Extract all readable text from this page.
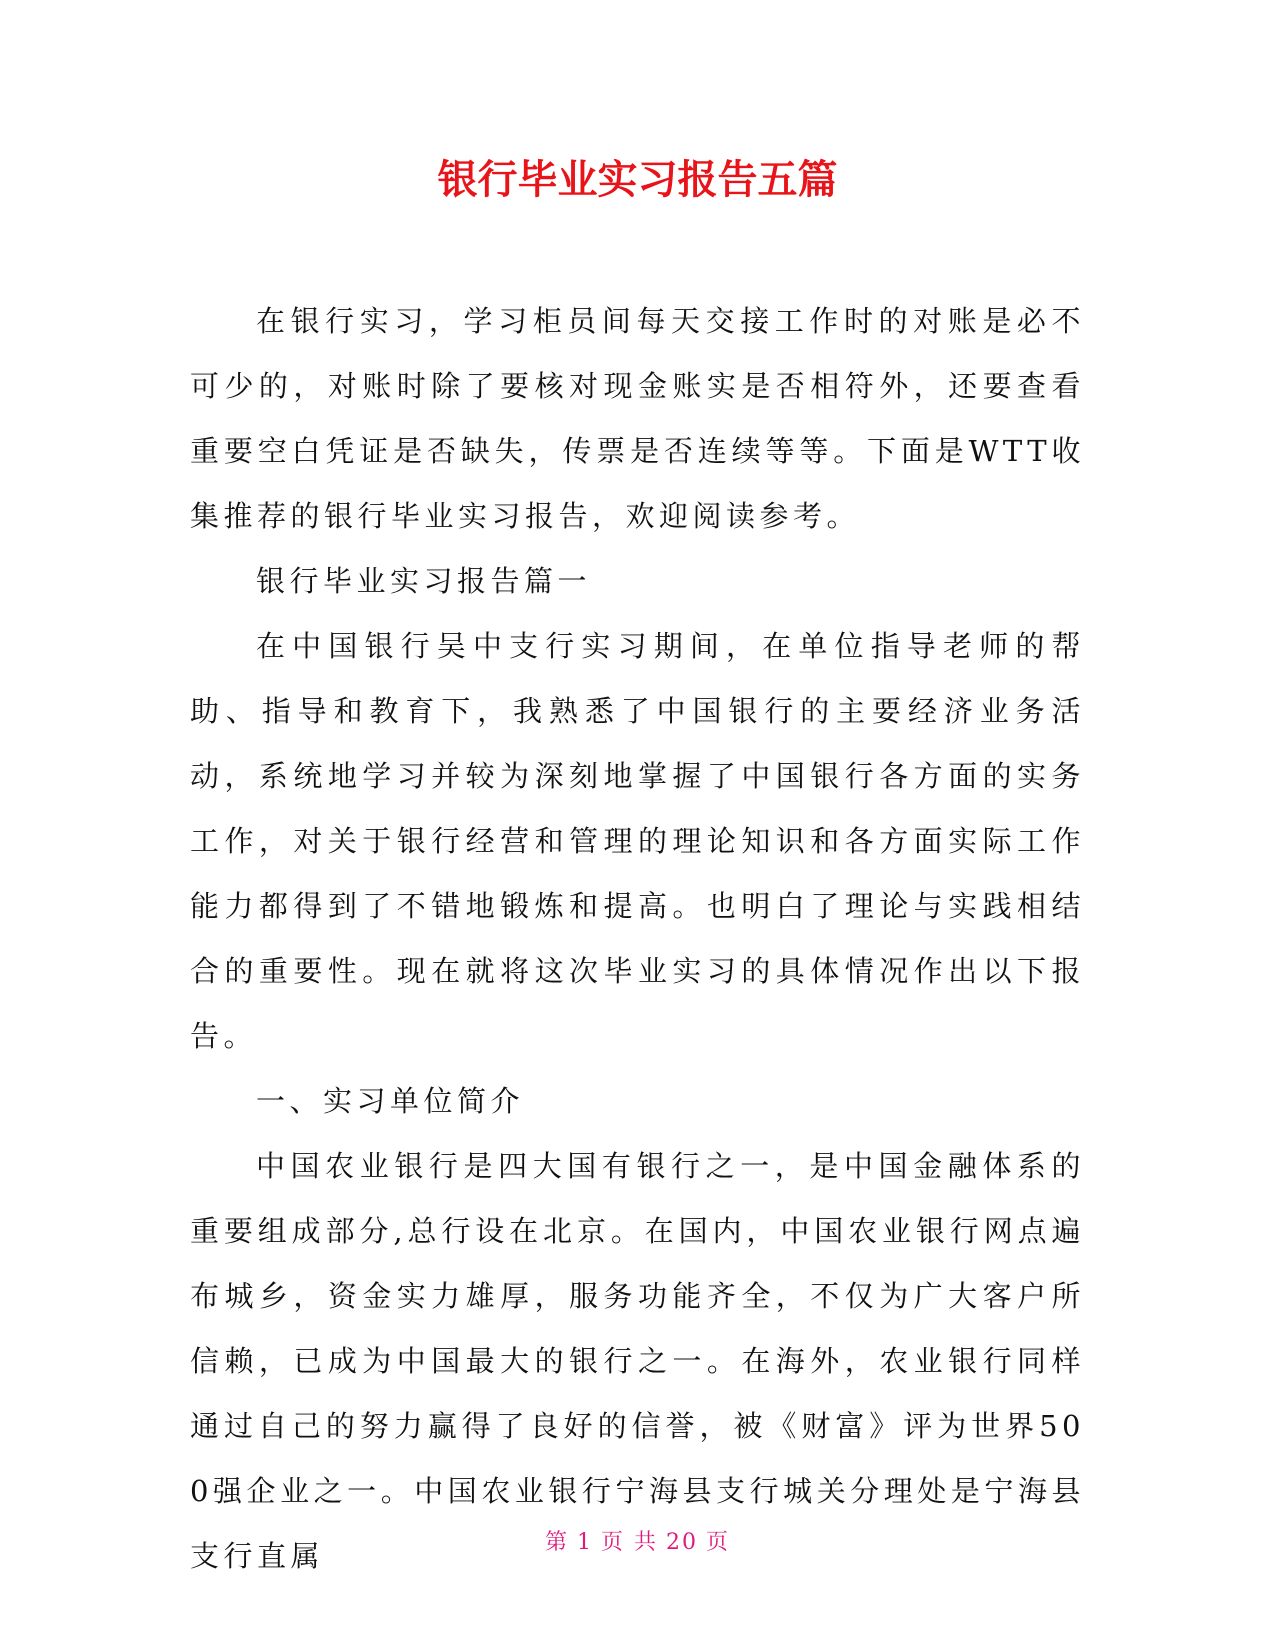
银行毕业实习报告五篇

在银行实习，学习柜员间每天交接工作时的对账是必不可少的，对账时除了要核对现金账实是否相符外，还要查看重要空白凭证是否缺失，传票是否连续等等。下面是WTT收集推荐的银行毕业实习报告，欢迎阅读参考。

银行毕业实习报告篇一

在中国银行吴中支行实习期间，在单位指导老师的帮助、指导和教育下，我熟悉了中国银行的主要经济业务活动，系统地学习并较为深刻地掌握了中国银行各方面的实务工作，对关于银行经营和管理的理论知识和各方面实际工作能力都得到了不错地锻炼和提高。也明白了理论与实践相结合的重要性。现在就将这次毕业实习的具体情况作出以下报告。

一、实习单位简介

中国农业银行是四大国有银行之一，是中国金融体系的重要组成部分,总行设在北京。在国内，中国农业银行网点遍布城乡，资金实力雄厚，服务功能齐全，不仅为广大客户所信赖，已成为中国最大的银行之一。在海外，农业银行同样通过自己的努力赢得了良好的信誉，被《财富》评为世界500强企业之一。中国农业银行宁海县支行城关分理处是宁海县支行直属	第 1 页 共 20 页
